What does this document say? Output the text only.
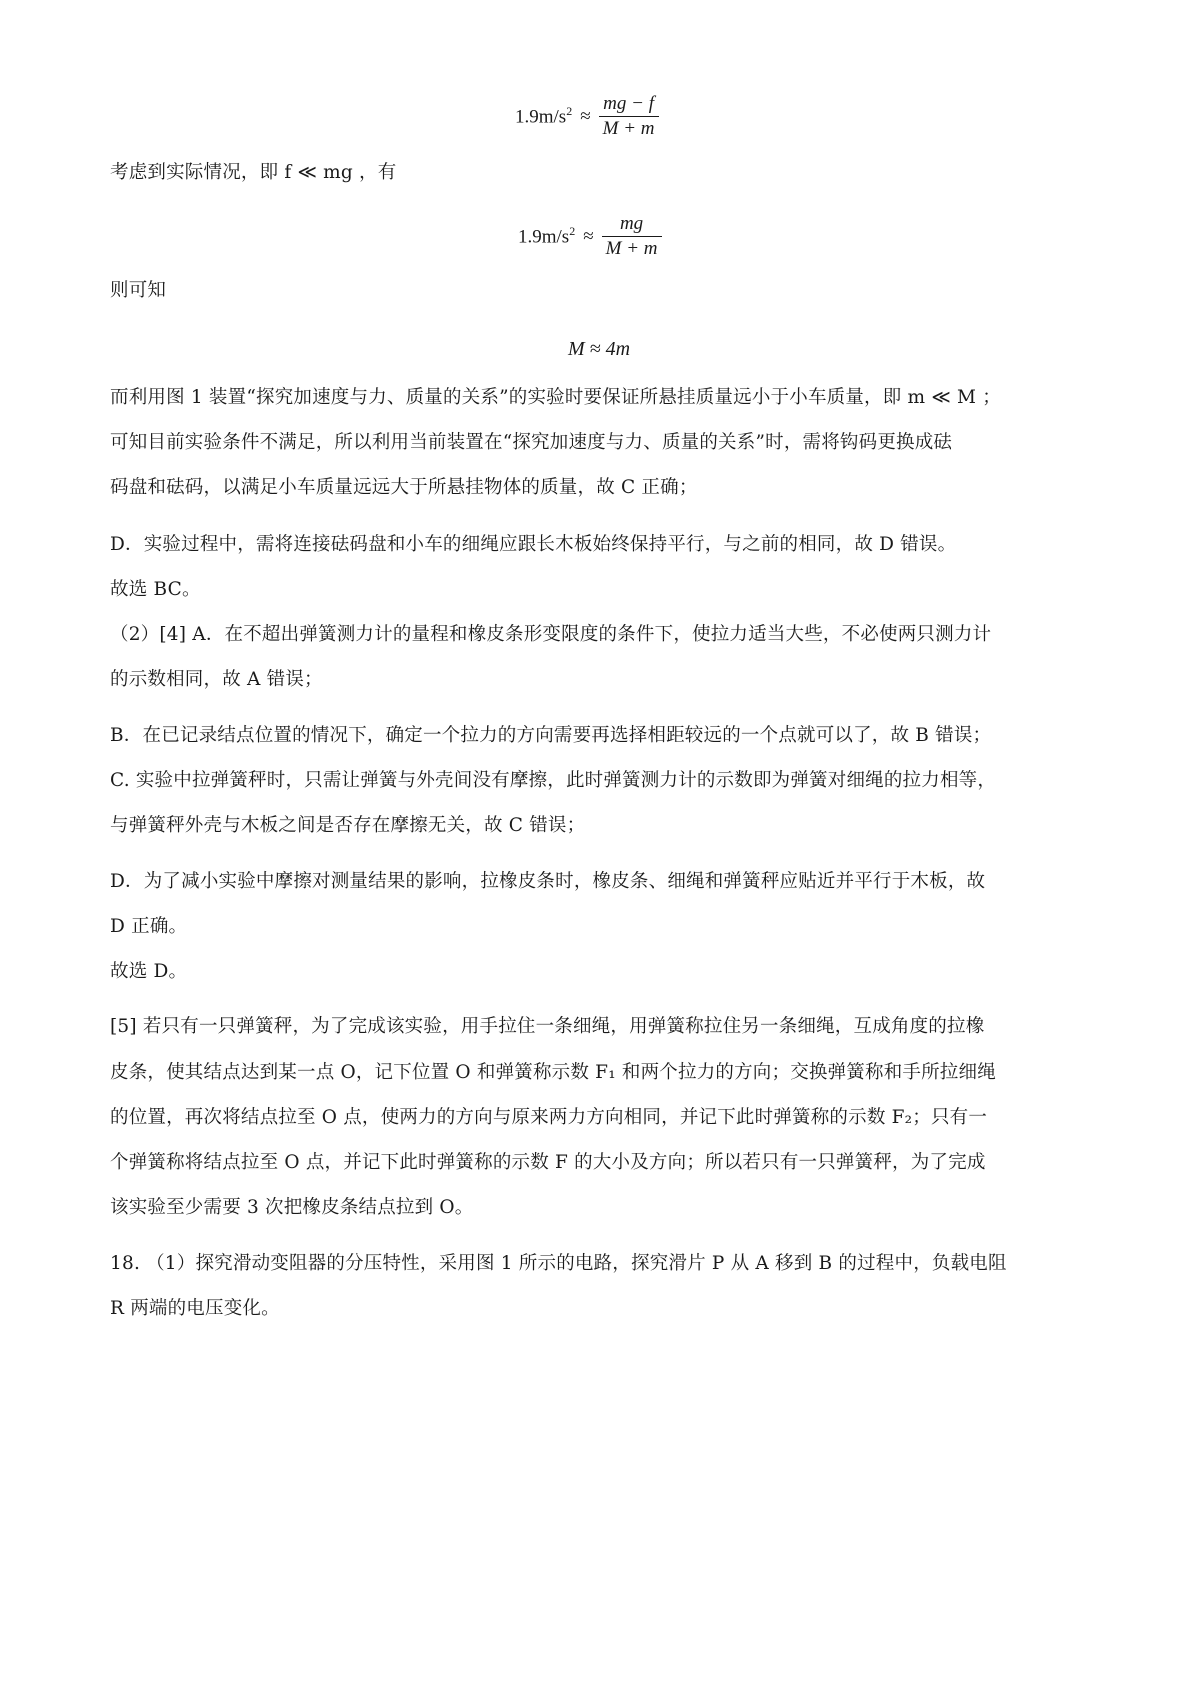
$1.9m/s^2 \approx \frac{mg - f}{M + m}$
考虑到实际情况，即 f ≪ mg ，有
$1.9m/s^2 \approx \frac{mg}{M + m}$
则可知
M ≈ 4m
而利用图 1 装置“探究加速度与力、质量的关系”的实验时要保证所悬挂质量远小于小车质量，即 m ≪ M ；
可知目前实验条件不满足，所以利用当前装置在“探究加速度与力、质量的关系”时，需将钩码更换成砝
码盘和砝码，以满足小车质量远远大于所悬挂物体的质量，故 C 正确；
D．实验过程中，需将连接砝码盘和小车的细绳应跟长木板始终保持平行，与之前的相同，故 D 错误。
故选 BC。
（2）[4] A．在不超出弹簧测力计的量程和橡皮条形变限度的条件下，使拉力适当大些，不必使两只测力计
的示数相同，故 A 错误；
B．在已记录结点位置的情况下，确定一个拉力的方向需要再选择相距较远的一个点就可以了，故 B 错误；
C. 实验中拉弹簧秤时，只需让弹簧与外壳间没有摩擦，此时弹簧测力计的示数即为弹簧对细绳的拉力相等，
与弹簧秤外壳与木板之间是否存在摩擦无关，故 C 错误；
D．为了减小实验中摩擦对测量结果的影响，拉橡皮条时，橡皮条、细绳和弹簧秤应贴近并平行于木板，故
D 正确。
故选 D。
[5] 若只有一只弹簧秤，为了完成该实验，用手拉住一条细绳，用弹簧称拉住另一条细绳，互成角度的拉橡
皮条，使其结点达到某一点 O，记下位置 O 和弹簧称示数 F₁ 和两个拉力的方向；交换弹簧称和手所拉细绳
的位置，再次将结点拉至 O 点，使两力的方向与原来两力方向相同，并记下此时弹簧称的示数 F₂；只有一
个弹簧称将结点拉至 O 点，并记下此时弹簧称的示数 F 的大小及方向；所以若只有一只弹簧秤，为了完成
该实验至少需要 3 次把橡皮条结点拉到 O。
18. （1）探究滑动变阻器的分压特性，采用图 1 所示的电路，探究滑片 P 从 A 移到 B 的过程中，负载电阻
R 两端的电压变化。
